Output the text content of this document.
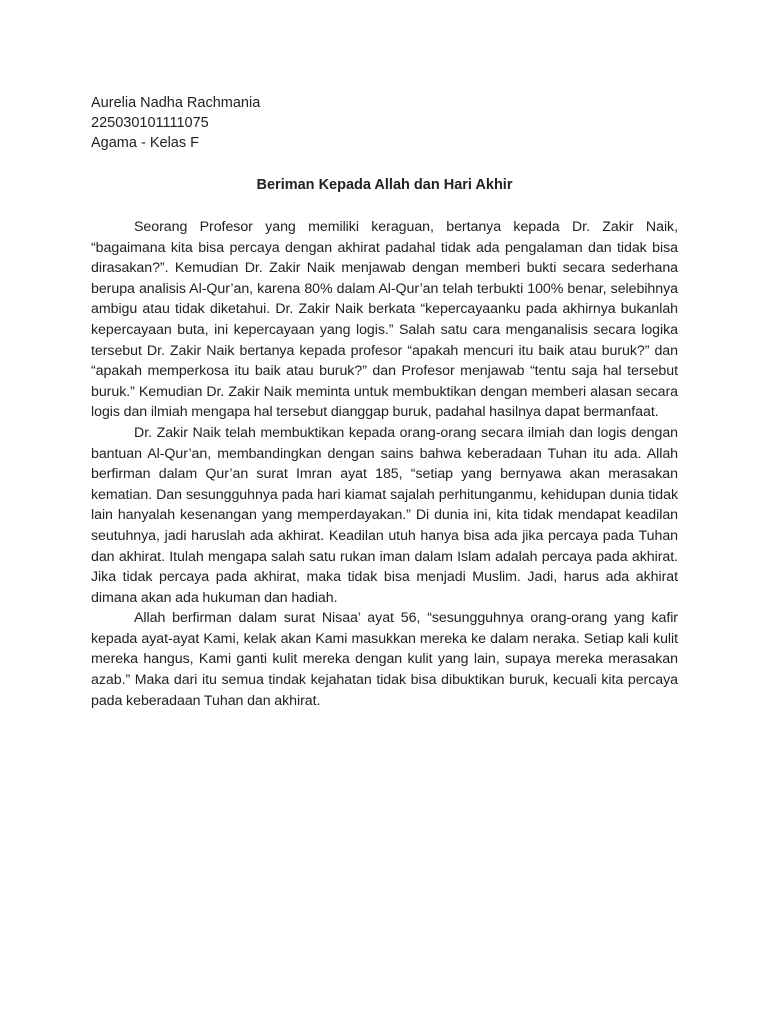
Aurelia Nadha Rachmania
225030101111075
Agama - Kelas F
Beriman Kepada Allah dan Hari Akhir

Seorang Profesor yang memiliki keraguan, bertanya kepada Dr. Zakir Naik, “bagaimana kita bisa percaya dengan akhirat padahal tidak ada pengalaman dan tidak bisa dirasakan?”. Kemudian Dr. Zakir Naik menjawab dengan memberi bukti secara sederhana berupa analisis Al-Qur’an, karena 80% dalam Al-Qur’an telah terbukti 100% benar, selebihnya ambigu atau tidak diketahui. Dr. Zakir Naik berkata “kepercayaanku pada akhirnya bukanlah kepercayaan buta, ini kepercayaan yang logis.” Salah satu cara menganalisis secara logika tersebut Dr. Zakir Naik bertanya kepada profesor “apakah mencuri itu baik atau buruk?” dan “apakah memperkosa itu baik atau buruk?” dan Profesor menjawab “tentu saja hal tersebut buruk.” Kemudian Dr. Zakir Naik meminta untuk membuktikan dengan memberi alasan secara logis dan ilmiah mengapa hal tersebut dianggap buruk, padahal hasilnya dapat bermanfaat.

Dr. Zakir Naik telah membuktikan kepada orang-orang secara ilmiah dan logis dengan bantuan Al-Qur’an, membandingkan dengan sains bahwa keberadaan Tuhan itu ada. Allah berfirman dalam Qur’an surat Imran ayat 185, “setiap yang bernyawa akan merasakan kematian. Dan sesungguhnya pada hari kiamat sajalah perhitunganmu, kehidupan dunia tidak lain hanyalah kesenangan yang memperdayakan.” Di dunia ini, kita tidak mendapat keadilan seutuhnya, jadi haruslah ada akhirat. Keadilan utuh hanya bisa ada jika percaya pada Tuhan dan akhirat. Itulah mengapa salah satu rukan iman dalam Islam adalah percaya pada akhirat. Jika tidak percaya pada akhirat, maka tidak bisa menjadi Muslim. Jadi, harus ada akhirat dimana akan ada hukuman dan hadiah.

Allah berfirman dalam surat Nisaa’ ayat 56, “sesungguhnya orang-orang yang kafir kepada ayat-ayat Kami, kelak akan Kami masukkan mereka ke dalam neraka. Setiap kali kulit mereka hangus, Kami ganti kulit mereka dengan kulit yang lain, supaya mereka merasakan azab.” Maka dari itu semua tindak kejahatan tidak bisa dibuktikan buruk, kecuali kita percaya pada keberadaan Tuhan dan akhirat.
